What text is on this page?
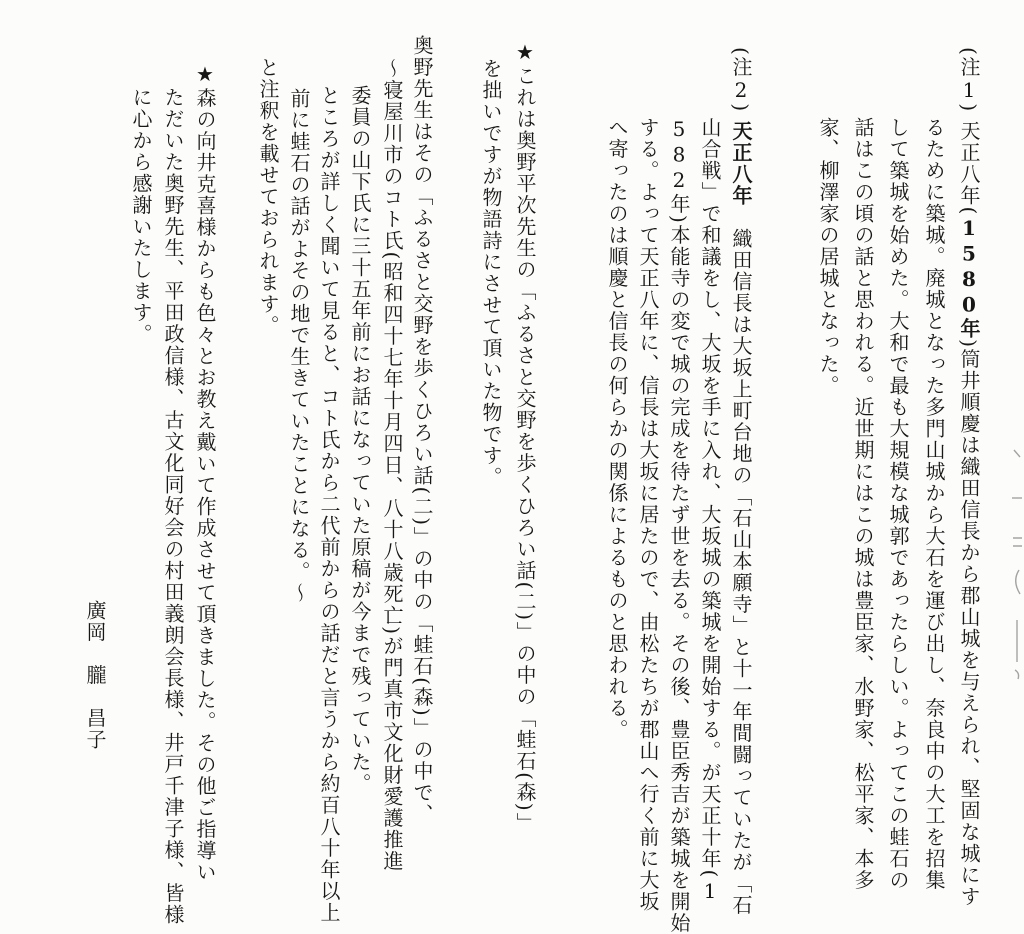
廣岡　朧　昌子
(注1) 天正八年(1580年)筒井順慶は織田信長から郡山城を与えられ、堅固な城にす
るために築城。廃城となった多門山城から大石を運び出し、奈良中の大工を招集
して築城を始めた。大和で最も大規模な城郭であったらしい。よってこの蛙石の
話はこの頃の話と思われる。近世期にはこの城は豊臣家、水野家、松平家、本多
家、柳澤家の居城となった。
(注2) 天正八年　織田信長は大坂上町台地の「石山本願寺」と十一年間闘っていたが「石
山合戦」で和議をし、大坂を手に入れ、大坂城の築城を開始する。が天正十年(1
582年)本能寺の変で城の完成を待たず世を去る。その後、豊臣秀吉が築城を開始
する。よって天正八年に、信長は大坂に居たので、由松たちが郡山へ行く前に大坂
へ寄ったのは順慶と信長の何らかの関係によるものと思われる。
★これは奥野平次先生の「ふるさと交野を歩くひろい話(二)」の中の「蛙石(森)」
を拙いですが物語詩にさせて頂いた物です。
奥野先生はその「ふるさと交野を歩くひろい話(二)」の中の「蛙石(森)」の中で、
〜寝屋川市のコト氏(昭和四十七年十月四日、八十八歳死亡)が門真市文化財愛護推進
委員の山下氏に三十五年前にお話になっていた原稿が今まで残っていた。
ところが詳しく聞いて見ると、コト氏から二代前からの話だと言うから約百八十年以上
前に蛙石の話がよその地で生きていたことになる。〜
と注釈を載せておられます。
★森の向井克喜様からも色々とお教え戴いて作成させて頂きました。その他ご指導い
ただいた奥野先生、平田政信様、古文化同好会の村田義朗会長様、井戸千津子様、皆様
に心から感謝いたします。
